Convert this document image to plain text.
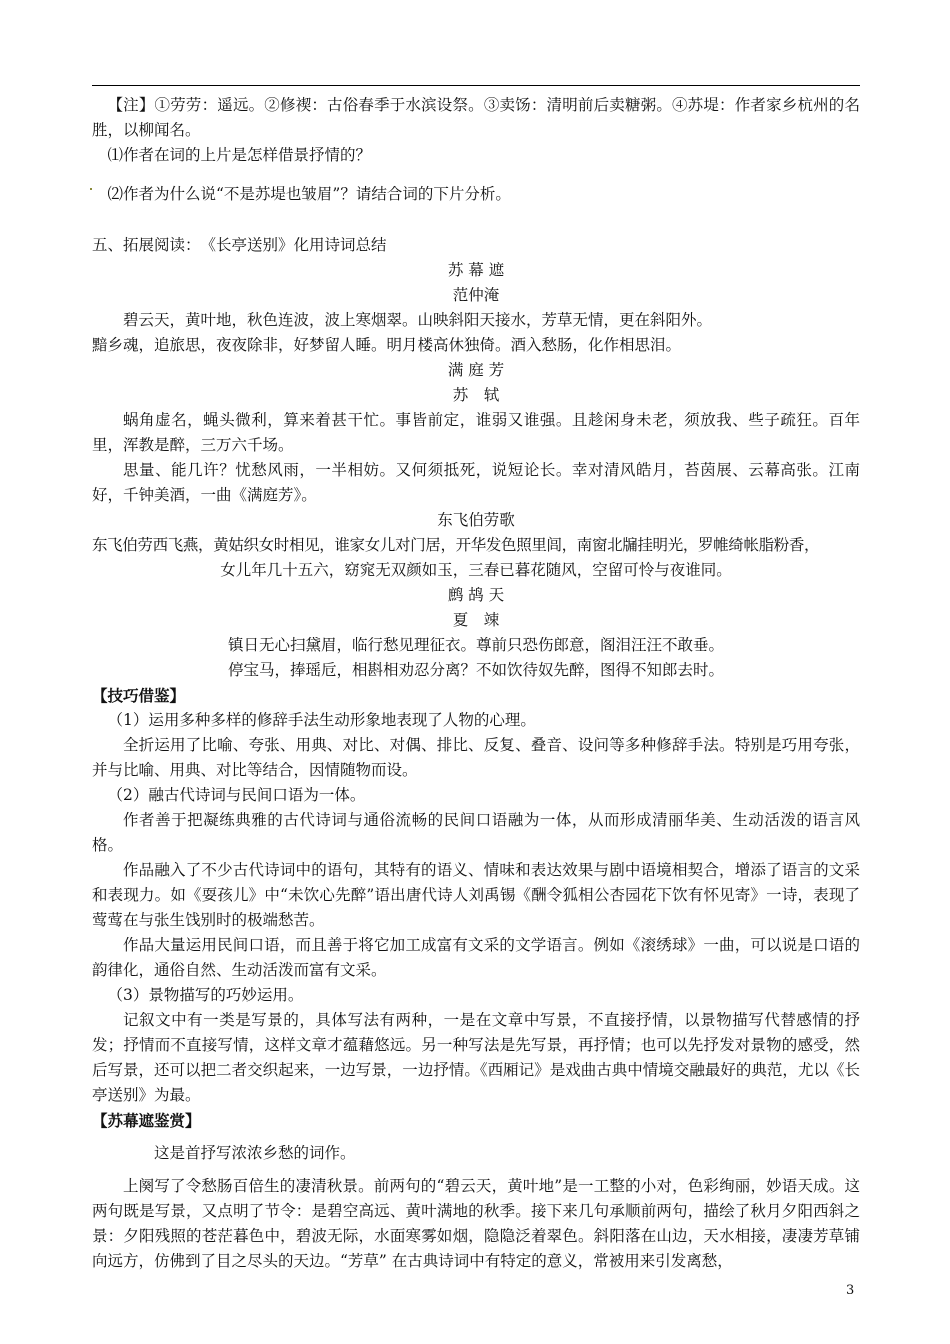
【注】①劳劳：遥远。②修禊：古俗春季于水滨设祭。③卖饧：清明前后卖糖粥。④苏堤：作者家乡杭州的名胜，以柳闻名。

⑴作者在词的上片是怎样借景抒情的？

⑵作者为什么说“不是苏堤也皱眉”？请结合词的下片分析。

五、拓展阅读：　《长亭送别》化用诗词总结

苏 幕 遮

范仲淹

碧云天，黄叶地，秋色连波，波上寒烟翠。山映斜阳天接水，芳草无情，更在斜阳外。

黯乡魂，追旅思，夜夜除非，好梦留人睡。明月楼高休独倚。酒入愁肠，化作相思泪。

满 庭 芳

苏　轼

蜗角虚名，蝇头微利，算来着甚干忙。事皆前定，谁弱又谁强。且趁闲身未老，须放我、些子疏狂。百年里，浑教是醉，三万六千场。

思量、能几许？忧愁风雨，一半相妨。又何须抵死，说短论长。幸对清风皓月，苔茵展、云幕高张。江南好，千钟美酒，一曲《满庭芳》。

东飞伯劳歌

东飞伯劳西飞燕，黄姑织女时相见，谁家女儿对门居，开华发色照里闾，南窗北牖挂明光，罗帷绮帐脂粉香，

女儿年几十五六，窈窕无双颜如玉，三春已暮花随风，空留可怜与夜谁同。

鹧 鸪 天

夏　竦

镇日无心扫黛眉，临行愁见理征衣。尊前只恐伤郎意，阁泪汪汪不敢垂。

停宝马，捧瑶卮，相斟相劝忍分离？不如饮待奴先醉，图得不知郎去时。

【技巧借鉴】

（1）运用多种多样的修辞手法生动形象地表现了人物的心理。

全折运用了比喻、夸张、用典、对比、对偶、排比、反复、叠音、设问等多种修辞手法。特别是巧用夸张，并与比喻、用典、对比等结合，因情随物而设。

（2）融古代诗词与民间口语为一体。

作者善于把凝练典雅的古代诗词与通俗流畅的民间口语融为一体，从而形成清丽华美、生动活泼的语言风格。

作品融入了不少古代诗词中的语句，其特有的语义、情味和表达效果与剧中语境相契合，增添了语言的文采和表现力。如《耍孩儿》中“未饮心先醉”语出唐代诗人刘禹锡《酬令狐相公杏园花下饮有怀见寄》一诗，表现了莺莺在与张生饯别时的极端愁苦。

作品大量运用民间口语，而且善于将它加工成富有文采的文学语言。例如《滚绣球》一曲，可以说是口语的韵律化，通俗自然、生动活泼而富有文采。

（3）景物描写的巧妙运用。

记叙文中有一类是写景的，具体写法有两种，一是在文章中写景，不直接抒情，以景物描写代替感情的抒发；抒情而不直接写情，这样文章才蕴藉悠远。另一种写法是先写景，再抒情；也可以先抒发对景物的感受，然后写景，还可以把二者交织起来，一边写景，一边抒情。《西厢记》是戏曲古典中情境交融最好的典范，尤以《长亭送别》为最。

【苏幕遮鉴赏】

这是首抒写浓浓乡愁的词作。

上阕写了令愁肠百倍生的凄清秋景。前两句的“碧云天，黄叶地”是一工整的小对，色彩绚丽，妙语天成。这两句既是写景，又点明了节令：是碧空高远、黄叶满地的秋季。接下来几句承顺前两句，描绘了秋月夕阳西斜之景：夕阳残照的苍茫暮色中，碧波无际，水面寒雾如烟，隐隐泛着翠色。斜阳落在山边，天水相接，凄凄芳草铺向远方，仿佛到了目之尽头的天边。“芳草” 在古典诗词中有特定的意义，常被用来引发离愁，

3
